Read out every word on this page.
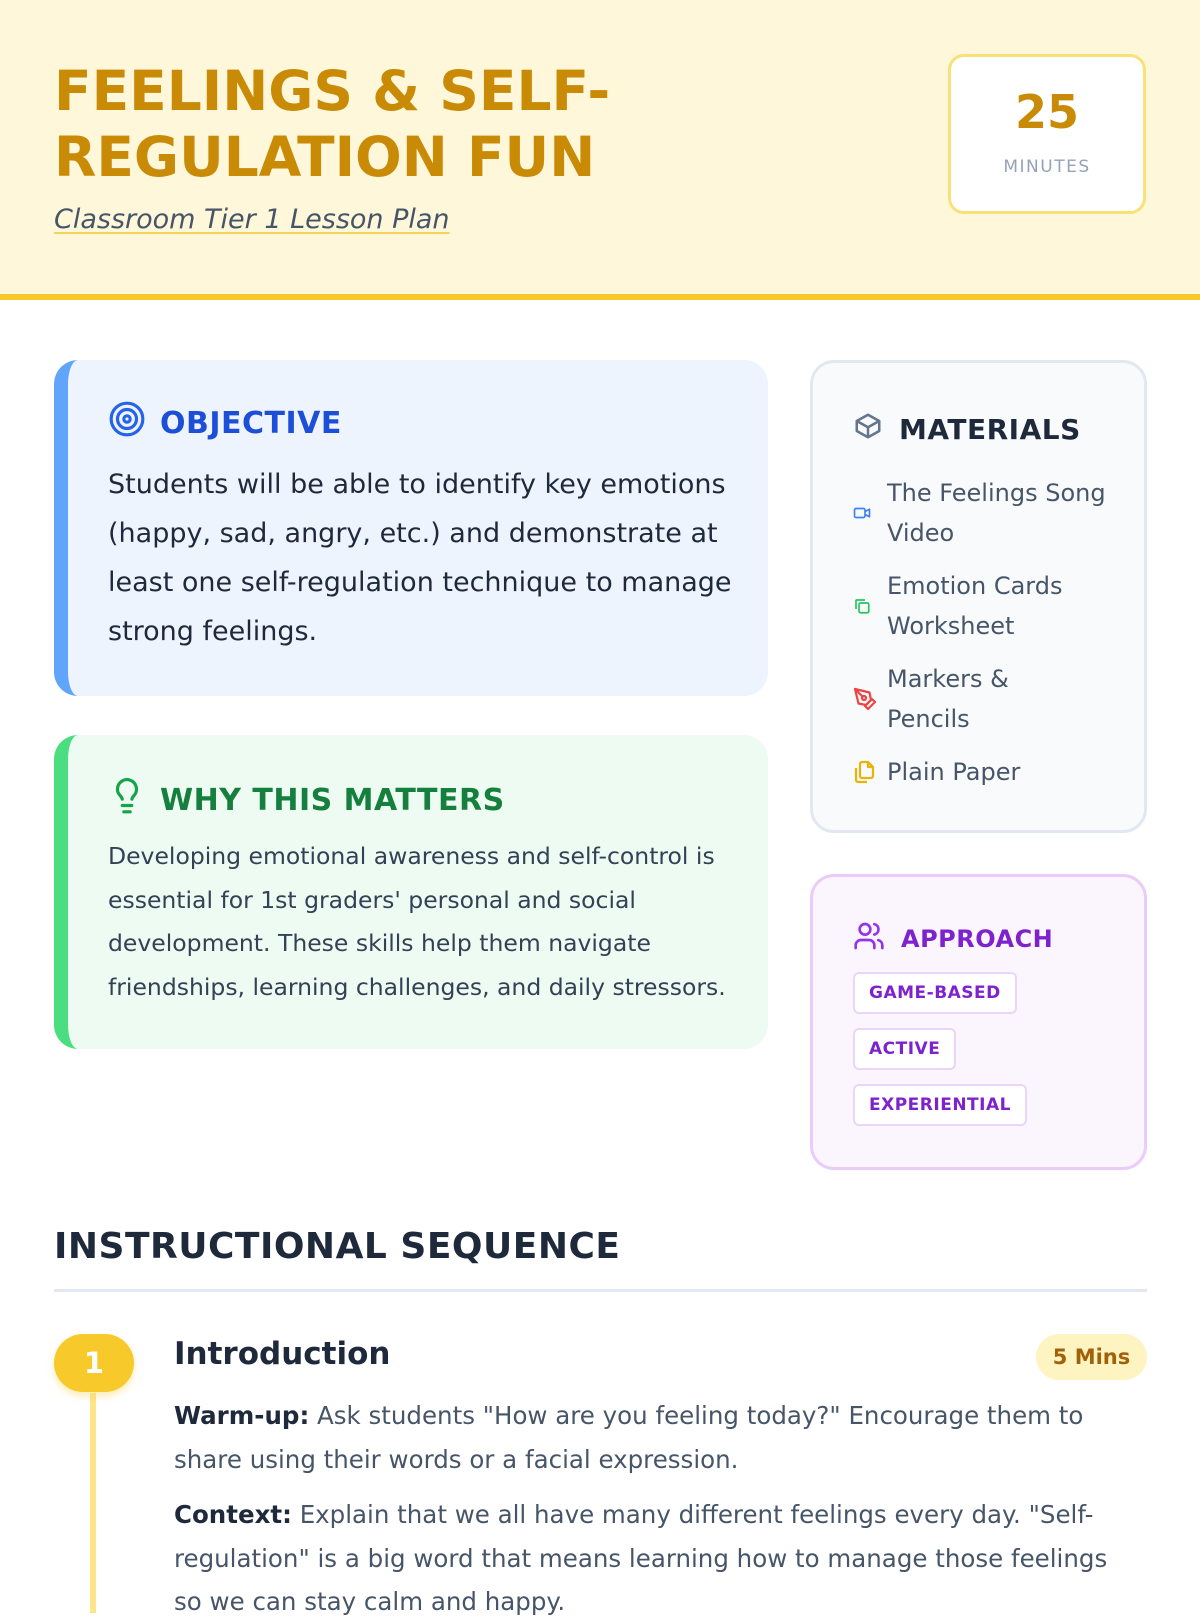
FEELINGS & SELF-REGULATION FUN
Classroom Tier 1 Lesson Plan
25
MINUTES
OBJECTIVE

Students will be able to identify key emotions (happy, sad, angry, etc.) and demonstrate at least one self-regulation technique to manage strong feelings.

WHY THIS MATTERS

Developing emotional awareness and self-control is essential for 1st graders' personal and social development. These skills help them navigate friendships, learning challenges, and daily stressors.

MATERIALS
The Feelings Song Video
Emotion Cards Worksheet
Markers & Pencils
Plain Paper
APPROACH
GAME-BASED
ACTIVE
EXPERIENTIAL
INSTRUCTIONAL SEQUENCE
1	Introduction	5 Mins

Warm-up: Ask students "How are you feeling today?" Encourage them to share using their words or a facial expression.

Context: Explain that we all have many different feelings every day. "Self-regulation" is a big word that means learning how to manage those feelings so we can stay calm and happy.
